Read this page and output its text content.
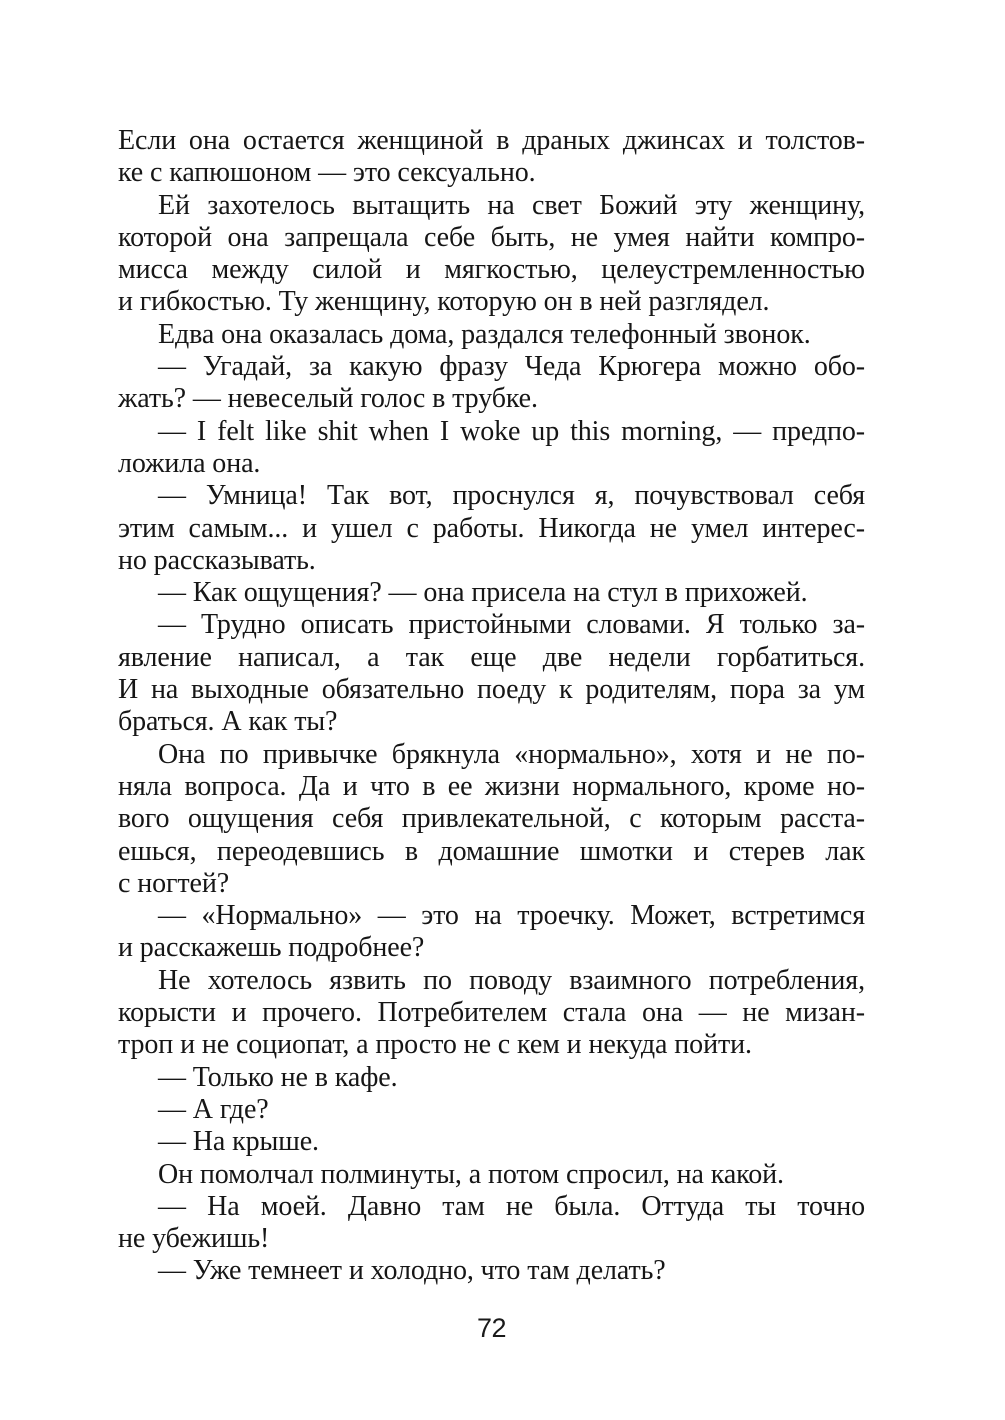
Если она остается женщиной в драных джинсах и толстов-
ке с капюшоном — это сексуально.
Ей захотелось вытащить на свет Божий эту женщину,
которой она запрещала себе быть, не умея найти компро-
мисса между силой и мягкостью, целеустремленностью
и гибкостью. Ту женщину, которую он в ней разглядел.
Едва она оказалась дома, раздался телефонный звонок.
— Угадай, за какую фразу Чеда Крюгера можно обо-
жать? — невеселый голос в трубке.
— I felt like shit when I woke up this morning, — предпо-
ложила она.
— Умница! Так вот, проснулся я, почувствовал себя
этим самым... и ушел с работы. Никогда не умел интерес-
но рассказывать.
— Как ощущения? — она присела на стул в прихожей.
— Трудно описать пристойными словами. Я только за-
явление написал, а так еще две недели горбатиться.
И на выходные обязательно поеду к родителям, пора за ум
браться. А как ты?
Она по привычке брякнула «нормально», хотя и не по-
няла вопроса. Да и что в ее жизни нормального, кроме но-
вого ощущения себя привлекательной, с которым расста-
ешься, переодевшись в домашние шмотки и стерев лак
с ногтей?
— «Нормально» — это на троечку. Может, встретимся
и расскажешь подробнее?
Не хотелось язвить по поводу взаимного потребления,
корысти и прочего. Потребителем стала она — не мизан-
троп и не социопат, а просто не с кем и некуда пойти.
— Только не в кафе.
— А где?
— На крыше.
Он помолчал полминуты, а потом спросил, на какой.
— На моей. Давно там не была. Оттуда ты точно
не убежишь!
— Уже темнеет и холодно, что там делать?
72
